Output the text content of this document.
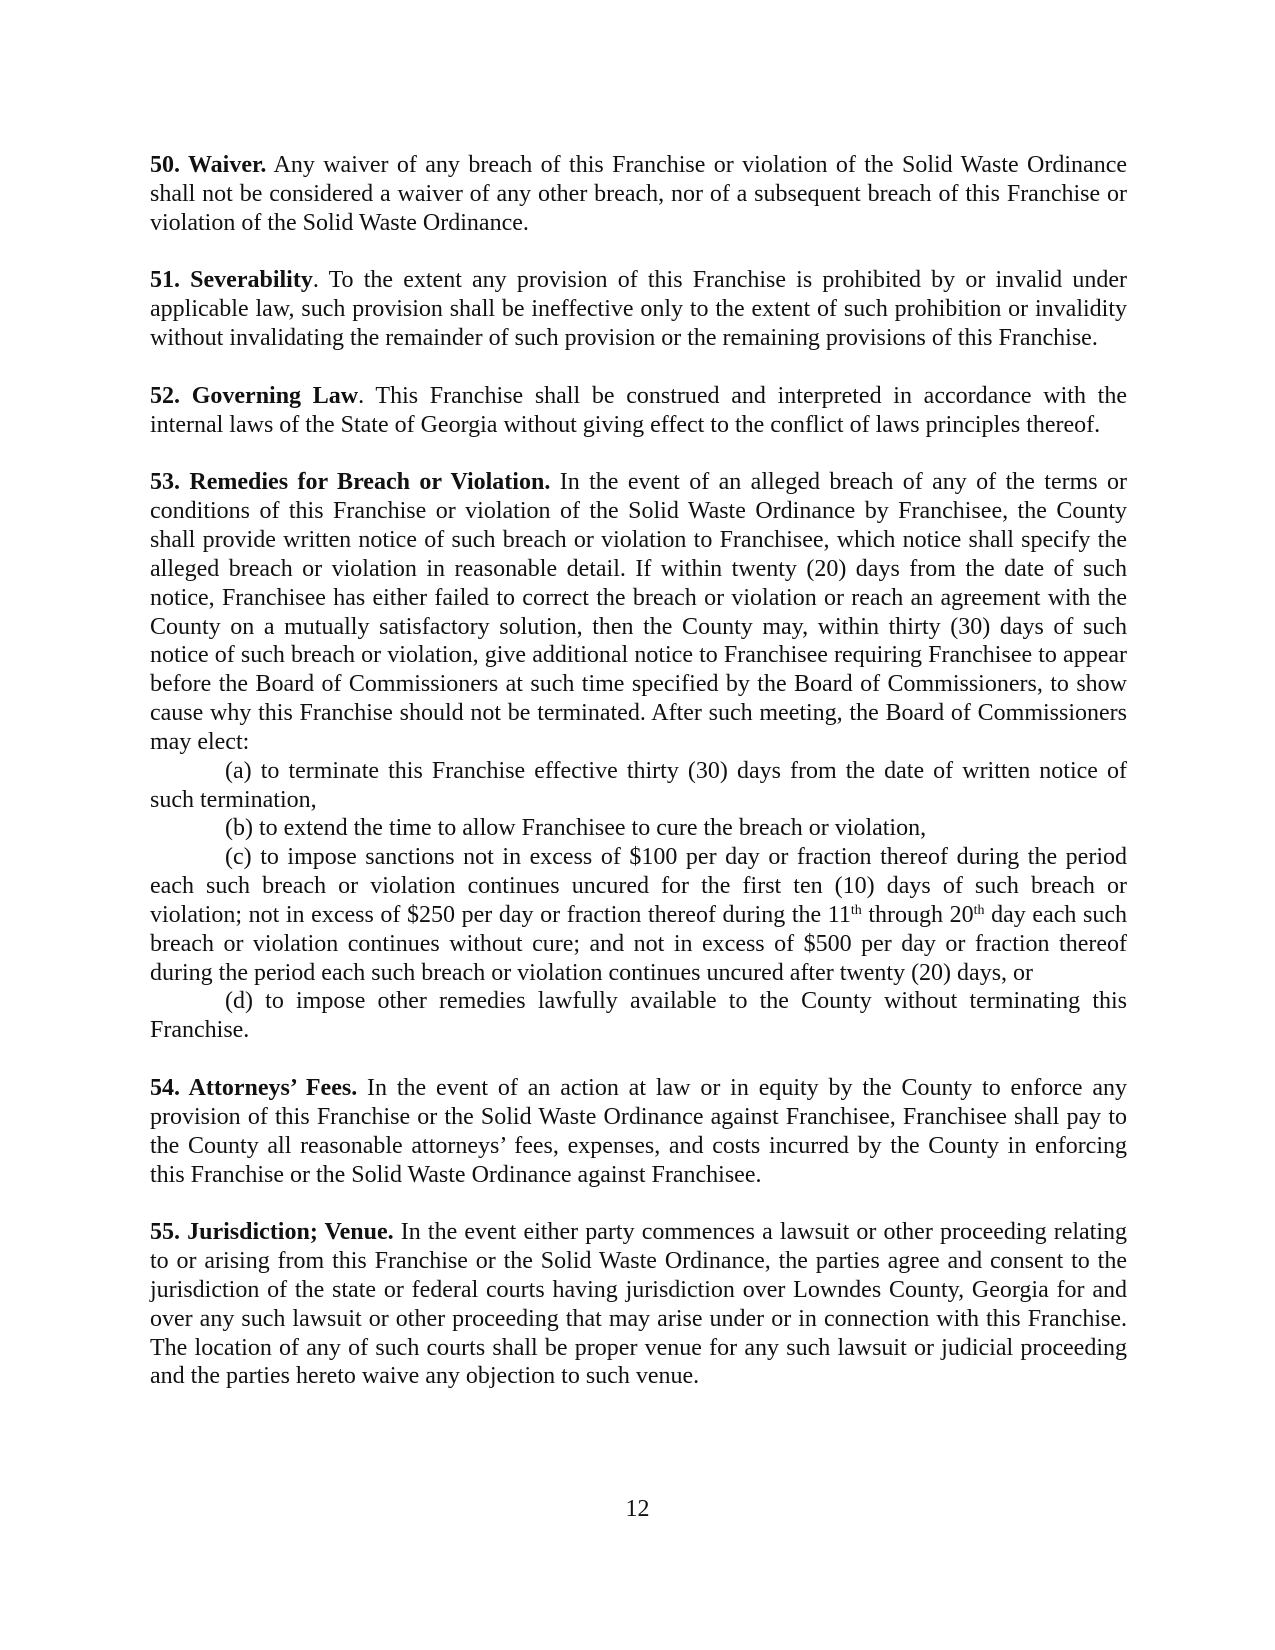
50. Waiver. Any waiver of any breach of this Franchise or violation of the Solid Waste Ordinance shall not be considered a waiver of any other breach, nor of a subsequent breach of this Franchise or violation of the Solid Waste Ordinance.

51. Severability. To the extent any provision of this Franchise is prohibited by or invalid under applicable law, such provision shall be ineffective only to the extent of such prohibition or invalidity without invalidating the remainder of such provision or the remaining provisions of this Franchise.

52. Governing Law. This Franchise shall be construed and interpreted in accordance with the internal laws of the State of Georgia without giving effect to the conflict of laws principles thereof.

53. Remedies for Breach or Violation. In the event of an alleged breach of any of the terms or conditions of this Franchise or violation of the Solid Waste Ordinance by Franchisee, the County shall provide written notice of such breach or violation to Franchisee, which notice shall specify the alleged breach or violation in reasonable detail. If within twenty (20) days from the date of such notice, Franchisee has either failed to correct the breach or violation or reach an agreement with the County on a mutually satisfactory solution, then the County may, within thirty (30) days of such notice of such breach or violation, give additional notice to Franchisee requiring Franchisee to appear before the Board of Commissioners at such time specified by the Board of Commissioners, to show cause why this Franchise should not be terminated. After such meeting, the Board of Commissioners may elect:

(a) to terminate this Franchise effective thirty (30) days from the date of written notice of such termination,

(b) to extend the time to allow Franchisee to cure the breach or violation,

(c) to impose sanctions not in excess of $100 per day or fraction thereof during the period each such breach or violation continues uncured for the first ten (10) days of such breach or violation; not in excess of $250 per day or fraction thereof during the 11th through 20th day each such breach or violation continues without cure; and not in excess of $500 per day or fraction thereof during the period each such breach or violation continues uncured after twenty (20) days, or

(d) to impose other remedies lawfully available to the County without terminating this Franchise.

54. Attorneys’ Fees. In the event of an action at law or in equity by the County to enforce any provision of this Franchise or the Solid Waste Ordinance against Franchisee, Franchisee shall pay to the County all reasonable attorneys’ fees, expenses, and costs incurred by the County in enforcing this Franchise or the Solid Waste Ordinance against Franchisee.

55. Jurisdiction; Venue. In the event either party commences a lawsuit or other proceeding relating to or arising from this Franchise or the Solid Waste Ordinance, the parties agree and consent to the jurisdiction of the state or federal courts having jurisdiction over Lowndes County, Georgia for and over any such lawsuit or other proceeding that may arise under or in connection with this Franchise. The location of any of such courts shall be proper venue for any such lawsuit or judicial proceeding and the parties hereto waive any objection to such venue.

12
